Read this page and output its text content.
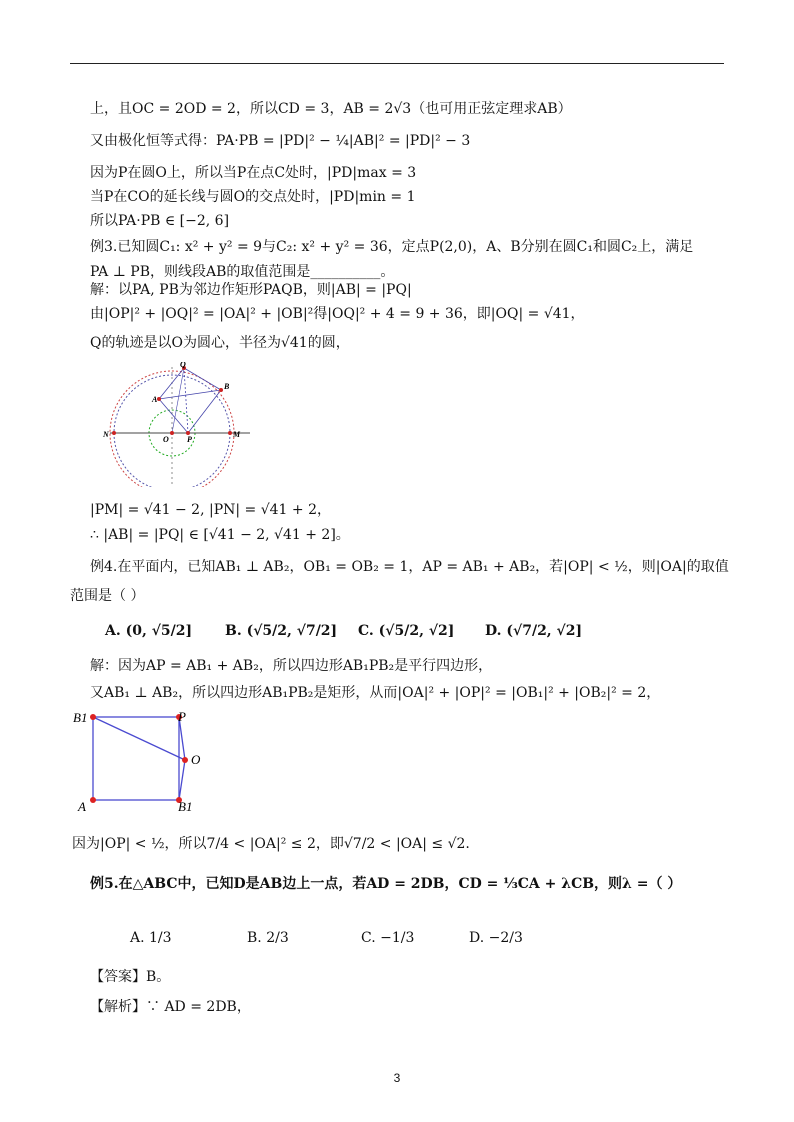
上，且OC = 2OD = 2，所以CD = 3，AB = 2√3（也可用正弦定理求AB）
又由极化恒等式得：PA·PB = |PD|² − ¼|AB|² = |PD|² − 3
因为P在圆O上，所以当P在点C处时，|PD|max = 3
当P在CO的延长线与圆O的交点处时，|PD|min = 1
所以PA·PB ∈ [−2, 6]
例3.已知圆C₁: x² + y² = 9与C₂: x² + y² = 36，定点P(2,0)，A、B分别在圆C₁和圆C₂上，满足
PA ⊥ PB，则线段AB的取值范围是__________。
解：以PA, PB为邻边作矩形PAQB，则|AB| = |PQ|
由|OP|² + |OQ|² = |OA|² + |OB|²得|OQ|² + 4 = 9 + 36，即|OQ| = √41，
Q的轨迹是以O为圆心，半径为√41的圆，
Q
B
A
N
O P
M
|PM| = √41 − 2, |PN| = √41 + 2，
∴ |AB| = |PQ| ∈ [√41 − 2, √41 + 2]。
例4.在平面内，已知AB₁ ⊥ AB₂，OB₁ = OB₂ = 1，AP = AB₁ + AB₂，若|OP| < ½，则|OA|的取值
范围是（ ）
A. (0, √5/2] B. (√5/2, √7/2] C. (√5/2, √2] D. (√7/2, √2]
解：因为AP = AB₁ + AB₂，所以四边形AB₁PB₂是平行四边形，
又AB₁ ⊥ AB₂，所以四边形AB₁PB₂是矩形，从而|OA|² + |OP|² = |OB₁|² + |OB₂|² = 2，
B1	P
O
A	B1
因为|OP| < ½，所以7/4 < |OA|² ≤ 2，即√7/2 < |OA| ≤ √2.
例5.在△ABC中，已知D是AB边上一点，若AD = 2DB，CD = ⅓CA + λCB，则λ =（ ）
A. 1/3	B. 2/3	C. −1/3	D. −2/3
【答案】B。
【解析】∵ AD = 2DB，
3
